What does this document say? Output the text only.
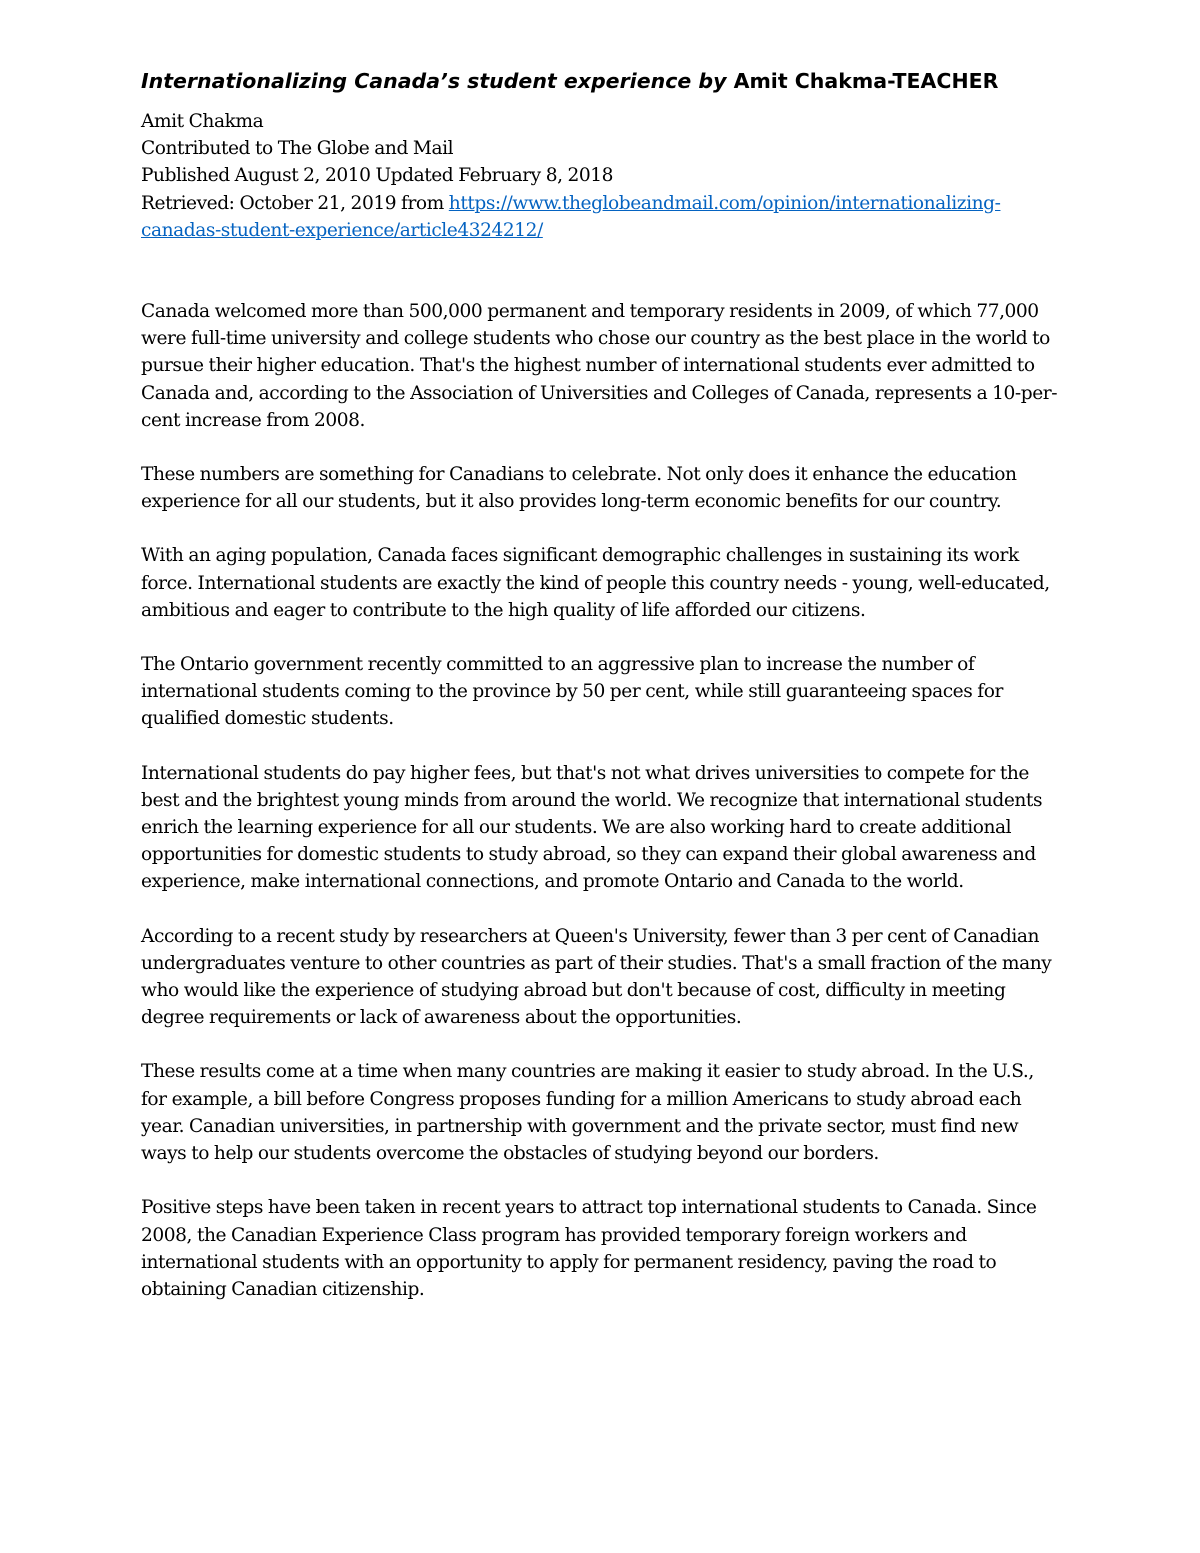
Internationalizing Canada’s student experience by Amit Chakma-TEACHER
Amit Chakma
Contributed to The Globe and Mail
Published August 2, 2010 Updated February 8, 2018
Retrieved: October 21, 2019 from https://www.theglobeandmail.com/opinion/internationalizing-canadas-student-experience/article4324212/

Canada welcomed more than 500,000 permanent and temporary residents in 2009, of which 77,000 were full-time university and college students who chose our country as the best place in the world to pursue their higher education. That's the highest number of international students ever admitted to Canada and, according to the Association of Universities and Colleges of Canada, represents a 10-per-cent increase from 2008.

These numbers are something for Canadians to celebrate. Not only does it enhance the education experience for all our students, but it also provides long-term economic benefits for our country.

With an aging population, Canada faces significant demographic challenges in sustaining its work force. International students are exactly the kind of people this country needs - young, well-educated, ambitious and eager to contribute to the high quality of life afforded our citizens.

The Ontario government recently committed to an aggressive plan to increase the number of international students coming to the province by 50 per cent, while still guaranteeing spaces for qualified domestic students.

International students do pay higher fees, but that's not what drives universities to compete for the best and the brightest young minds from around the world. We recognize that international students enrich the learning experience for all our students. We are also working hard to create additional opportunities for domestic students to study abroad, so they can expand their global awareness and experience, make international connections, and promote Ontario and Canada to the world.

According to a recent study by researchers at Queen's University, fewer than 3 per cent of Canadian undergraduates venture to other countries as part of their studies. That's a small fraction of the many who would like the experience of studying abroad but don't because of cost, difficulty in meeting degree requirements or lack of awareness about the opportunities.

These results come at a time when many countries are making it easier to study abroad. In the U.S., for example, a bill before Congress proposes funding for a million Americans to study abroad each year. Canadian universities, in partnership with government and the private sector, must find new ways to help our students overcome the obstacles of studying beyond our borders.

Positive steps have been taken in recent years to attract top international students to Canada. Since 2008, the Canadian Experience Class program has provided temporary foreign workers and international students with an opportunity to apply for permanent residency, paving the road to obtaining Canadian citizenship.
